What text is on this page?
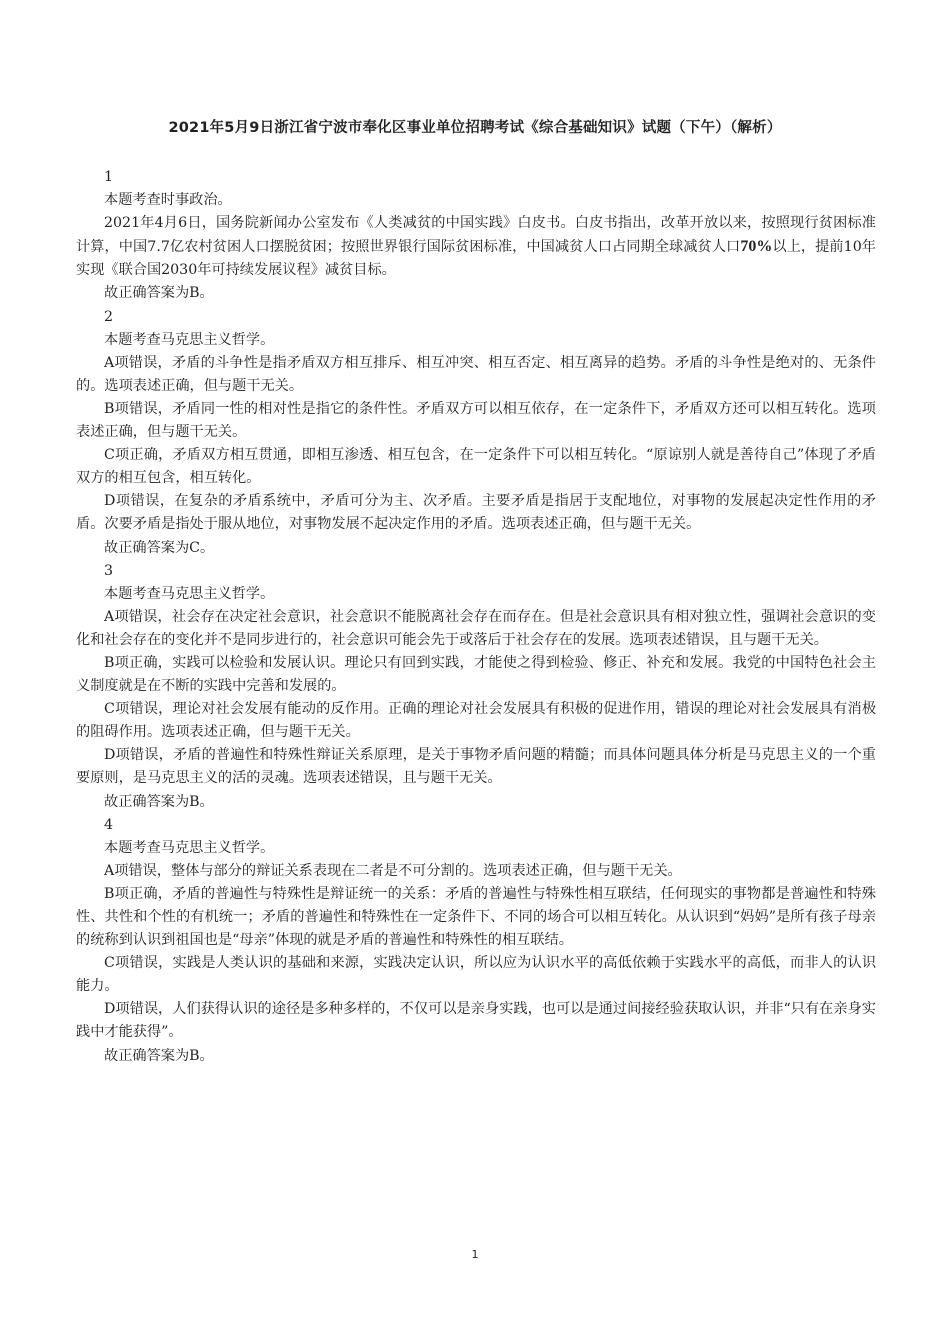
2021年5月9日浙江省宁波市奉化区事业单位招聘考试《综合基础知识》试题（下午）（解析）

1

本题考查时事政治。

2021年4月6日，国务院新闻办公室发布《人类减贫的中国实践》白皮书。白皮书指出，改革开放以来，按照现行贫困标准计算，中国7.7亿农村贫困人口摆脱贫困；按照世界银行国际贫困标准，中国减贫人口占同期全球减贫人口70%以上，提前10年实现《联合国2030年可持续发展议程》减贫目标。

故正确答案为B。

2

本题考查马克思主义哲学。

A项错误，矛盾的斗争性是指矛盾双方相互排斥、相互冲突、相互否定、相互离异的趋势。矛盾的斗争性是绝对的、无条件的。选项表述正确，但与题干无关。

B项错误，矛盾同一性的相对性是指它的条件性。矛盾双方可以相互依存，在一定条件下，矛盾双方还可以相互转化。选项表述正确，但与题干无关。

C项正确，矛盾双方相互贯通，即相互渗透、相互包含，在一定条件下可以相互转化。“原谅别人就是善待自己”体现了矛盾双方的相互包含，相互转化。

D项错误，在复杂的矛盾系统中，矛盾可分为主、次矛盾。主要矛盾是指居于支配地位，对事物的发展起决定性作用的矛盾。次要矛盾是指处于服从地位，对事物发展不起决定作用的矛盾。选项表述正确，但与题干无关。

故正确答案为C。

3

本题考查马克思主义哲学。

A项错误，社会存在决定社会意识，社会意识不能脱离社会存在而存在。但是社会意识具有相对独立性，强调社会意识的变化和社会存在的变化并不是同步进行的，社会意识可能会先于或落后于社会存在的发展。选项表述错误，且与题干无关。

B项正确，实践可以检验和发展认识。理论只有回到实践，才能使之得到检验、修正、补充和发展。我党的中国特色社会主义制度就是在不断的实践中完善和发展的。

C项错误，理论对社会发展有能动的反作用。正确的理论对社会发展具有积极的促进作用，错误的理论对社会发展具有消极的阻碍作用。选项表述正确，但与题干无关。

D项错误，矛盾的普遍性和特殊性辩证关系原理，是关于事物矛盾问题的精髓；而具体问题具体分析是马克思主义的一个重要原则，是马克思主义的活的灵魂。选项表述错误，且与题干无关。

故正确答案为B。

4

本题考查马克思主义哲学。

A项错误，整体与部分的辩证关系表现在二者是不可分割的。选项表述正确，但与题干无关。

B项正确，矛盾的普遍性与特殊性是辩证统一的关系：矛盾的普遍性与特殊性相互联结，任何现实的事物都是普遍性和特殊性、共性和个性的有机统一；矛盾的普遍性和特殊性在一定条件下、不同的场合可以相互转化。从认识到“妈妈”是所有孩子母亲的统称到认识到祖国也是“母亲”体现的就是矛盾的普遍性和特殊性的相互联结。

C项错误，实践是人类认识的基础和来源，实践决定认识，所以应为认识水平的高低依赖于实践水平的高低，而非人的认识能力。

D项错误，人们获得认识的途径是多种多样的，不仅可以是亲身实践，也可以是通过间接经验获取认识，并非“只有在亲身实践中才能获得”。

故正确答案为B。

1
